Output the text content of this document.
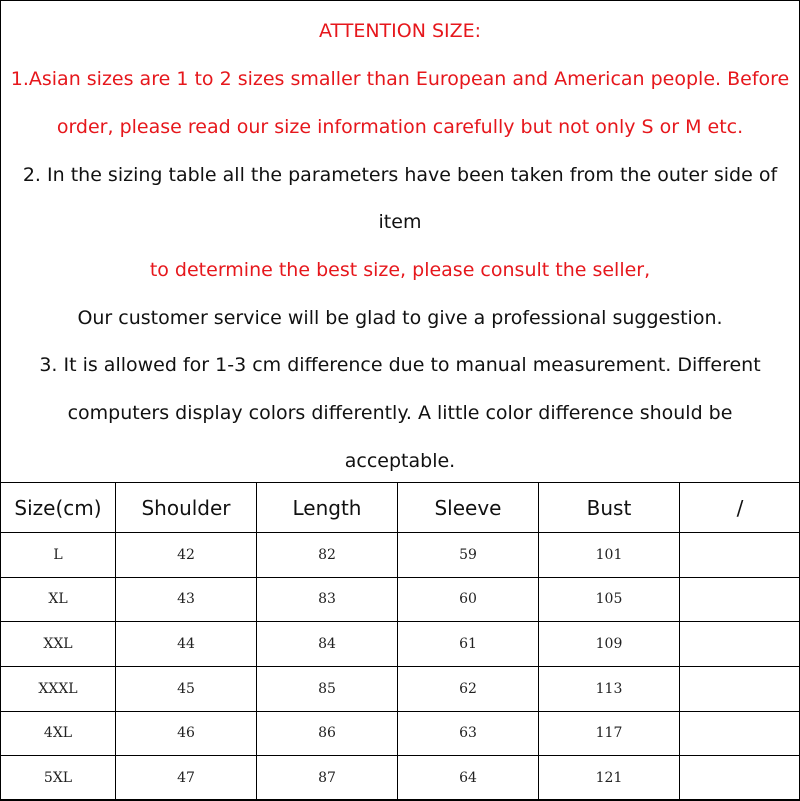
ATTENTION SIZE:
1.Asian sizes are 1 to 2 sizes smaller than European and American people. Before
order, please read our size information carefully but not only S or M etc.
2. In the sizing table all the parameters have been taken from the outer side of
item
to determine the best size, please consult the seller,
Our customer service will be glad to give a professional suggestion.
3. It is allowed for 1-3 cm difference due to manual measurement. Different
computers display colors differently. A little color difference should be
acceptable.
Size(cm)	Shoulder	Length	Sleeve	Bust	/
L	42	82	59	101	
XL	43	83	60	105	
XXL	44	84	61	109	
XXXL	45	85	62	113	
4XL	46	86	63	117	
5XL	47	87	64	121	
